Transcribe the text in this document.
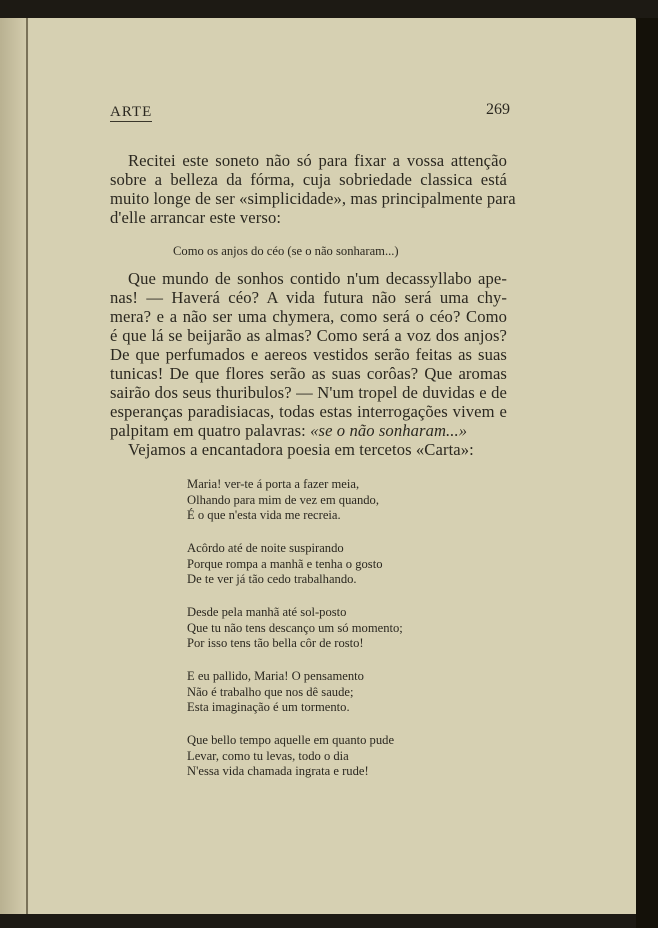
ARTE	269
Recitei este soneto não só para fixar a vossa attenção
sobre a belleza da fórma, cuja sobriedade classica está
muito longe de ser «simplicidade», mas principalmente para
d'elle arrancar este verso:
Como os anjos do céo (se o não sonharam...)
Que mundo de sonhos contido n'um decassyllabo ape-
nas! — Haverá céo? A vida futura não será uma chy-
mera? e a não ser uma chymera, como será o céo? Como
é que lá se beijarão as almas? Como será a voz dos anjos?
De que perfumados e aereos vestidos serão feitas as suas
tunicas! De que flores serão as suas corôas? Que aromas
sairão dos seus thuribulos? — N'um tropel de duvidas e de
esperanças paradisiacas, todas estas interrogações vivem e
palpitam em quatro palavras: «se o não sonharam...»
Vejamos a encantadora poesia em tercetos «Carta»:
Maria! ver-te á porta a fazer meia,
Olhando para mim de vez em quando,
É o que n'esta vida me recreia.
Acôrdo até de noite suspirando
Porque rompa a manhã e tenha o gosto
De te ver já tão cedo trabalhando.
Desde pela manhã até sol-posto
Que tu não tens descanço um só momento;
Por isso tens tão bella côr de rosto!
E eu pallido, Maria! O pensamento
Não é trabalho que nos dê saude;
Esta imaginação é um tormento.
Que bello tempo aquelle em quanto pude
Levar, como tu levas, todo o dia
N'essa vida chamada ingrata e rude!
